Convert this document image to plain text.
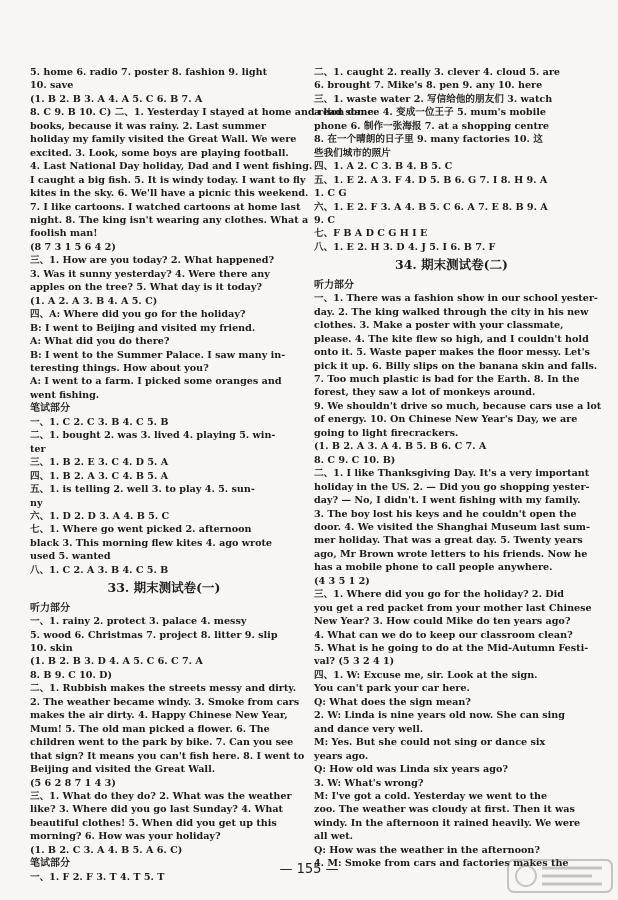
5. home 6. radio 7. poster 8. fashion 9. light
10. save
(1. B 2. B 3. A 4. A 5. C 6. B 7. A
8. C 9. B 10. C) 二、1. Yesterday I stayed at home and read some
books, because it was rainy. 2. Last summer
holiday my family visited the Great Wall. We were
excited. 3. Look, some boys are playing football.
4. Last National Day holiday, Dad and I went fishing.
I caught a big fish. 5. It is windy today. I want to fly
kites in the sky. 6. We'll have a picnic this weekend.
7. I like cartoons. I watched cartoons at home last
night. 8. The king isn't wearing any clothes. What a
foolish man!
(8 7 3 1 5 6 4 2)
三、1. How are you today? 2. What happened?
3. Was it sunny yesterday? 4. Were there any
apples on the tree? 5. What day is it today?
(1. A 2. A 3. B 4. A 5. C)
四、A: Where did you go for the holiday?
B: I went to Beijing and visited my friend.
A: What did you do there?
B: I went to the Summer Palace. I saw many in-
teresting things. How about you?
A: I went to a farm. I picked some oranges and
went fishing.
笔试部分
一、1. C 2. C 3. B 4. C 5. B
二、1. bought 2. was 3. lived 4. playing 5. win-
ter
三、1. B 2. E 3. C 4. D 5. A
四、1. B 2. A 3. C 4. B 5. A
五、1. is telling 2. well 3. to play 4. 5. sun-
ny
六、1. D 2. D 3. A 4. B 5. C
七、1. Where go went picked 2. afternoon
black 3. This morning flew kites 4. ago wrote
used 5. wanted
八、1. C 2. A 3. B 4. C 5. B
33. 期末测试卷(一)
听力部分
一、1. rainy 2. protect 3. palace 4. messy
5. wood 6. Christmas 7. project 8. litter 9. slip
10. skin
(1. B 2. B 3. D 4. A 5. C 6. C 7. A
8. B 9. C 10. D)
二、1. Rubbish makes the streets messy and dirty.
2. The weather became windy. 3. Smoke from cars
makes the air dirty. 4. Happy Chinese New Year,
Mum! 5. The old man picked a flower. 6. The
children went to the park by bike. 7. Can you see
that sign? It means you can't fish here. 8. I went to
Beijing and visited the Great Wall.
(5 6 2 8 7 1 4 3)
三、1. What do they do? 2. What was the weather
like? 3. Where did you go last Sunday? 4. What
beautiful clothes! 5. When did you get up this
morning? 6. How was your holiday?
(1. B 2. C 3. A 4. B 5. A 6. C)
笔试部分
一、1. F 2. F 3. T 4. T 5. T
二、1. caught 2. really 3. clever 4. cloud 5. are
6. brought 7. Mike's 8. pen 9. any 10. here
三、1. waste water 2. 写信给他的朋友们 3. watch
a lion dance 4. 变成一位王子 5. mum's mobile
phone 6. 制作一张海报 7. at a shopping centre
8. 在一个晴朗的日子里 9. many factories 10. 这
些我们城市的照片
四、1. A 2. C 3. B 4. B 5. C
五、1. E 2. A 3. F 4. D 5. B 6. G 7. I 8. H 9. A
1. C G
六、1. E 2. F 3. A 4. B 5. C 6. A 7. E 8. B 9. A
9. C
七、F B A D C G H I E
八、1. E 2. H 3. D 4. J 5. I 6. B 7. F
34. 期末测试卷(二)
听力部分
一、1. There was a fashion show in our school yester-
day. 2. The king walked through the city in his new
clothes. 3. Make a poster with your classmate,
please. 4. The kite flew so high, and I couldn't hold
onto it. 5. Waste paper makes the floor messy. Let's
pick it up. 6. Billy slips on the banana skin and falls.
7. Too much plastic is bad for the Earth. 8. In the
forest, they saw a lot of monkeys around.
9. We shouldn't drive so much, because cars use a lot
of energy. 10. On Chinese New Year's Day, we are
going to light firecrackers.
(1. B 2. A 3. A 4. B 5. B 6. C 7. A
8. C 9. C 10. B)
二、1. I like Thanksgiving Day. It's a very important
holiday in the US. 2. — Did you go shopping yester-
day? — No, I didn't. I went fishing with my family.
3. The boy lost his keys and he couldn't open the
door. 4. We visited the Shanghai Museum last sum-
mer holiday. That was a great day. 5. Twenty years
ago, Mr Brown wrote letters to his friends. Now he
has a mobile phone to call people anywhere.
(4 3 5 1 2)
三、1. Where did you go for the holiday? 2. Did
you get a red packet from your mother last Chinese
New Year? 3. How could Mike do ten years ago?
4. What can we do to keep our classroom clean?
5. What is he going to do at the Mid-Autumn Festi-
val? (5 3 2 4 1)
四、1. W: Excuse me, sir. Look at the sign.
You can't park your car here.
Q: What does the sign mean?
2. W: Linda is nine years old now. She can sing
and dance very well.
M: Yes. But she could not sing or dance six
years ago.
Q: How old was Linda six years ago?
3. W: What's wrong?
M: I've got a cold. Yesterday we went to the
zoo. The weather was cloudy at first. Then it was
windy. In the afternoon it rained heavily. We were
all wet.
Q: How was the weather in the afternoon?
4. M: Smoke from cars and factories makes the
— 155 —
